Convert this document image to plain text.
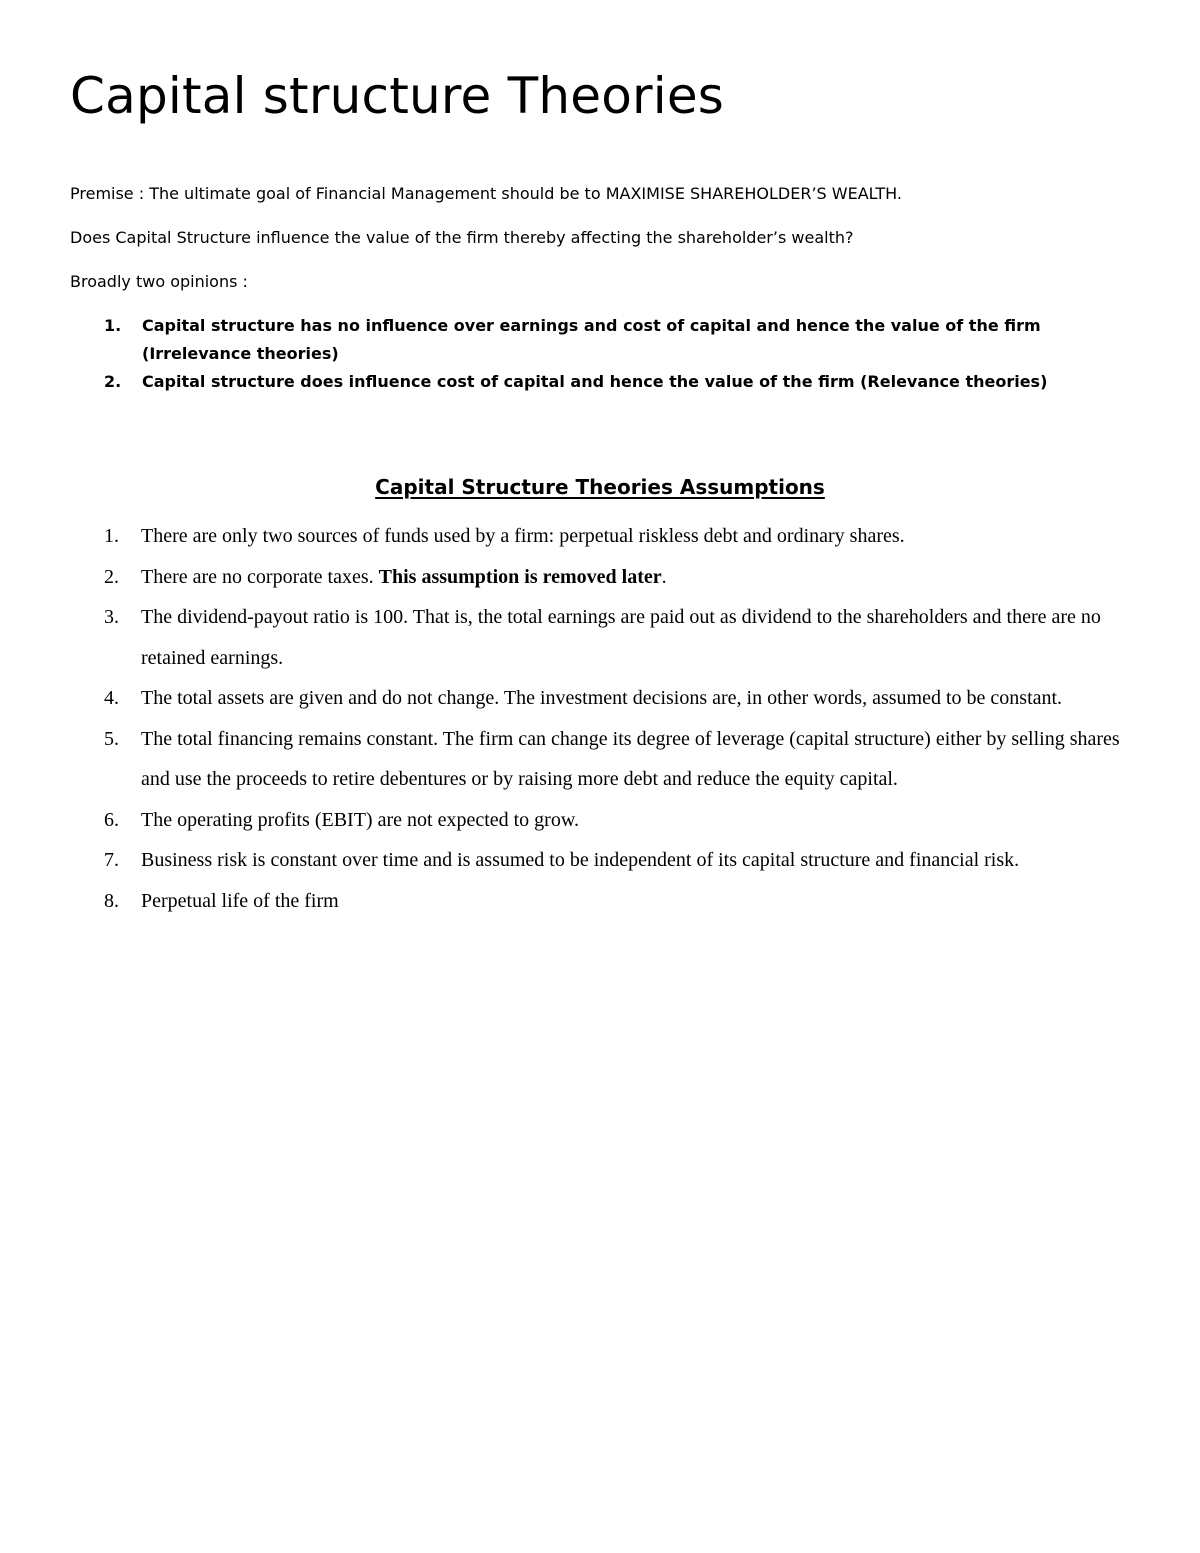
Capital structure Theories

Premise : The ultimate goal of Financial Management should be to MAXIMISE SHAREHOLDER’S WEALTH.

Does Capital Structure influence the value of the firm thereby affecting the shareholder’s wealth?

Broadly two opinions :

1. Capital structure has no influence over earnings and cost of capital and hence the value of the firm (Irrelevance theories)
2. Capital structure does influence cost of capital and hence the value of the firm (Relevance theories)
Capital Structure Theories Assumptions
1. There are only two sources of funds used by a firm: perpetual riskless debt and ordinary shares.
2. There are no corporate taxes. This assumption is removed later.
3. The dividend-payout ratio is 100. That is, the total earnings are paid out as dividend to the shareholders and there are no retained earnings.
4. The total assets are given and do not change. The investment decisions are, in other words, assumed to be constant.
5. The total financing remains constant. The firm can change its degree of leverage (capital structure) either by selling shares and use the proceeds to retire debentures or by raising more debt and reduce the equity capital.
6. The operating profits (EBIT) are not expected to grow.
7. Business risk is constant over time and is assumed to be independent of its capital structure and financial risk.
8. Perpetual life of the firm
